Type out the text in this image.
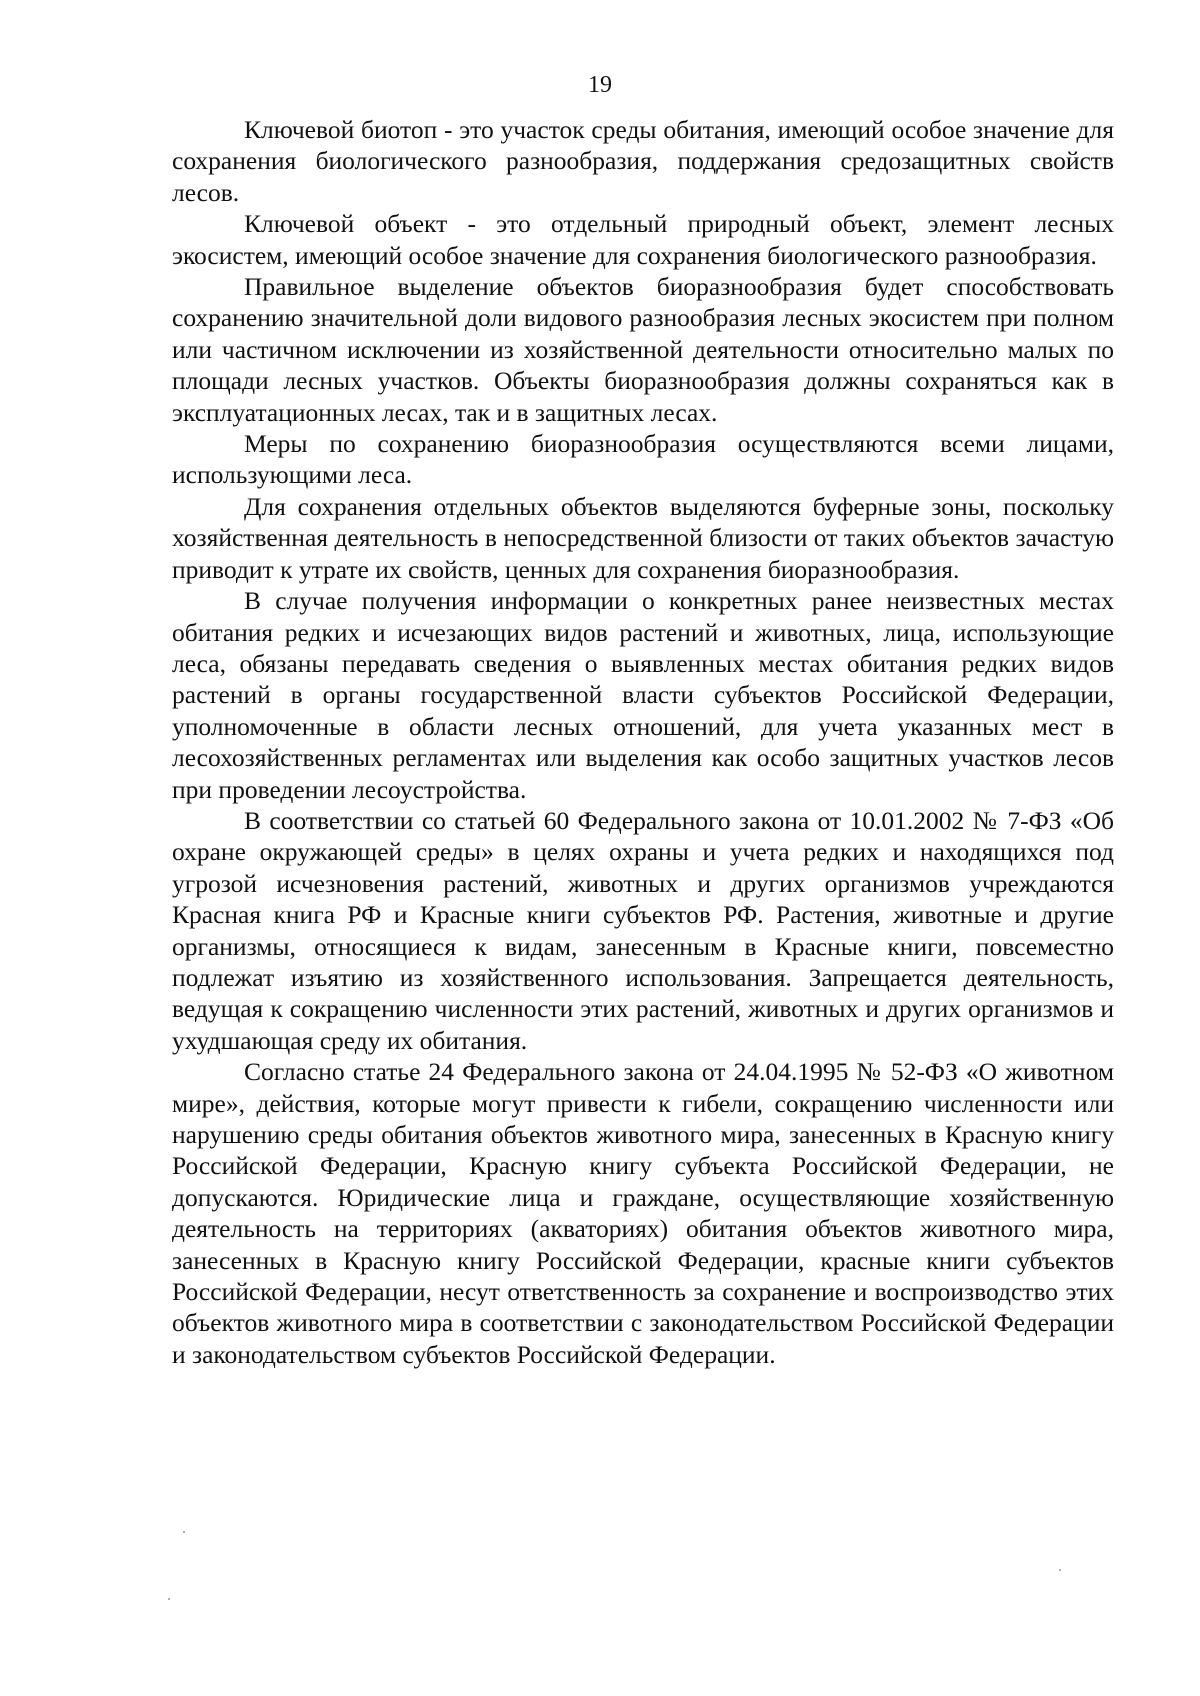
19

Ключевой биотоп - это участок среды обитания, имеющий особое значение для сохранения биологического разнообразия, поддержания средозащитных свойств лесов.

Ключевой объект - это отдельный природный объект, элемент лесных экосистем, имеющий особое значение для сохранения биологического разнообразия.

Правильное выделение объектов биоразнообразия будет способствовать сохранению значительной доли видового разнообразия лесных экосистем при полном или частичном исключении из хозяйственной деятельности относительно малых по площади лесных участков. Объекты биоразнообразия должны сохраняться как в эксплуатационных лесах, так и в защитных лесах.

Меры по сохранению биоразнообразия осуществляются всеми лицами, использующими леса.

Для сохранения отдельных объектов выделяются буферные зоны, поскольку хозяйственная деятельность в непосредственной близости от таких объектов зачастую приводит к утрате их свойств, ценных для сохранения биоразнообразия.

В случае получения информации о конкретных ранее неизвестных местах обитания редких и исчезающих видов растений и животных, лица, использующие леса, обязаны передавать сведения о выявленных местах обитания редких видов растений в органы государственной власти субъектов Российской Федерации, уполномоченные в области лесных отношений, для учета указанных мест в лесохозяйственных регламентах или выделения как особо защитных участков лесов при проведении лесоустройства.

В соответствии со статьей 60 Федерального закона от 10.01.2002 № 7-ФЗ «Об охране окружающей среды» в целях охраны и учета редких и находящихся под угрозой исчезновения растений, животных и других организмов учреждаются Красная книга РФ и Красные книги субъектов РФ. Растения, животные и другие организмы, относящиеся к видам, занесенным в Красные книги, повсеместно подлежат изъятию из хозяйственного использования. Запрещается деятельность, ведущая к сокращению численности этих растений, животных и других организмов и ухудшающая среду их обитания.

Согласно статье 24 Федерального закона от 24.04.1995 № 52-ФЗ «О животном мире», действия, которые могут привести к гибели, сокращению численности или нарушению среды обитания объектов животного мира, занесенных в Красную книгу Российской Федерации, Красную книгу субъекта Российской Федерации, не допускаются. Юридические лица и граждане, осуществляющие хозяйственную деятельность на территориях (акваториях) обитания объектов животного мира, занесенных в Красную книгу Российской Федерации, красные книги субъектов Российской Федерации, несут ответственность за сохранение и воспроизводство этих объектов животного мира в соответствии с законодательством Российской Федерации и законодательством субъектов Российской Федерации.
